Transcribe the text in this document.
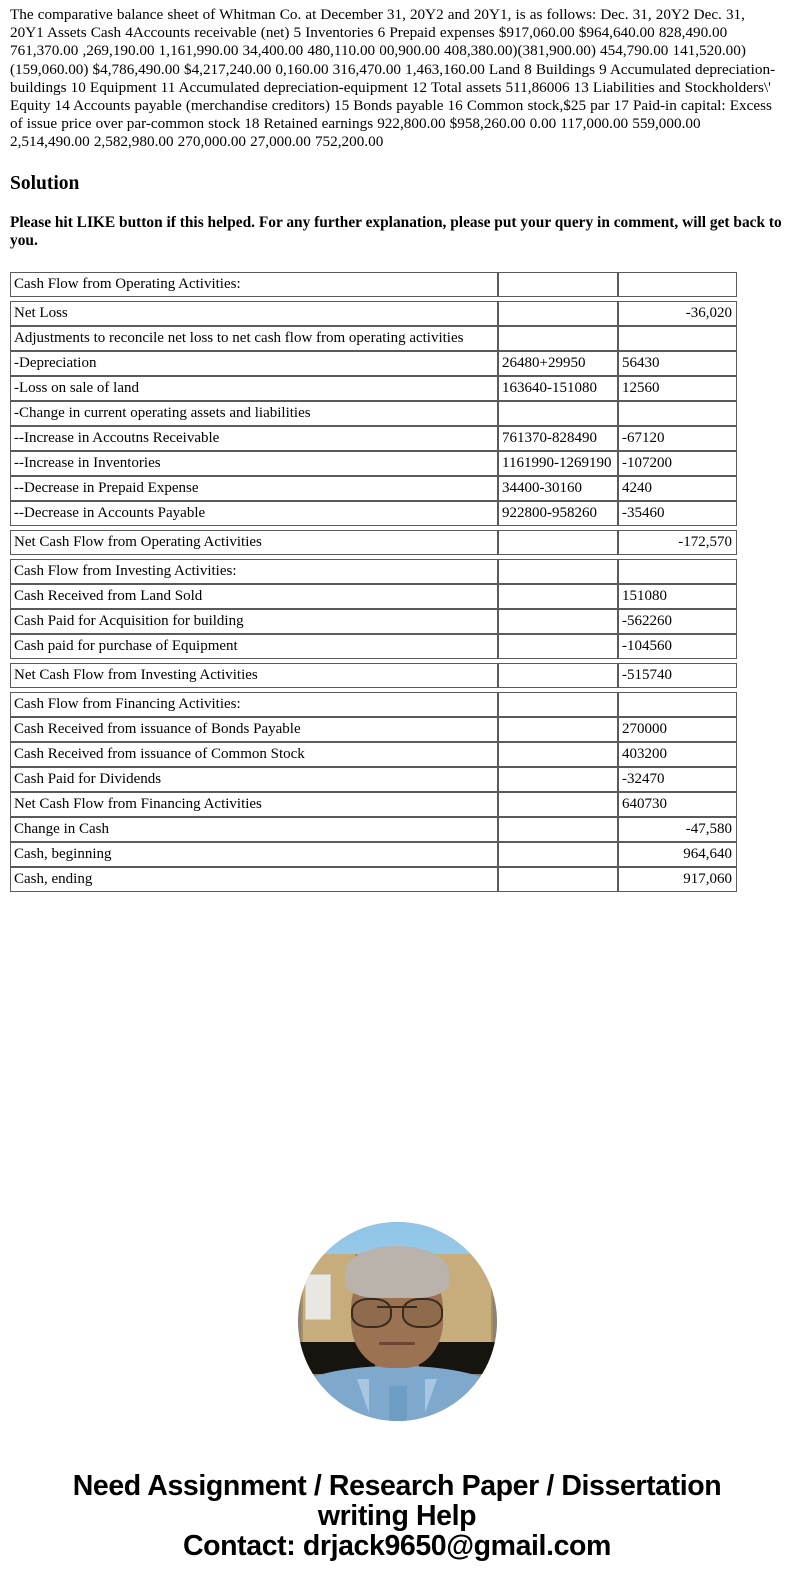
The comparative balance sheet of Whitman Co. at December 31, 20Y2 and 20Y1, is as follows: Dec. 31, 20Y2 Dec. 31, 20Y1 Assets Cash 4Accounts receivable (net) 5 Inventories 6 Prepaid expenses $917,060.00 $964,640.00 828,490.00 761,370.00 ,269,190.00 1,161,990.00 34,400.00 480,110.00 00,900.00 408,380.00)(381,900.00) 454,790.00 141,520.00) (159,060.00) $4,786,490.00 $4,217,240.00 0,160.00 316,470.00 1,463,160.00 Land 8 Buildings 9 Accumulated depreciation-buildings 10 Equipment 11 Accumulated depreciation-equipment 12 Total assets 511,86006 13 Liabilities and Stockholders\' Equity 14 Accounts payable (merchandise creditors) 15 Bonds payable 16 Common stock,$25 par 17 Paid-in capital: Excess of issue price over par-common stock 18 Retained earnings 922,800.00 $958,260.00 0.00 117,000.00 559,000.00 2,514,490.00 2,582,980.00 270,000.00 27,000.00 752,200.00

Solution

Please hit LIKE button if this helped. For any further explanation, please put your query in comment, will get back to you.

Cash Flow from Operating Activities:		

Net Loss		-36,020
Adjustments to reconcile net loss to net cash flow from operating activities		
-Depreciation	26480+29950	56430
-Loss on sale of land	163640-151080	12560
-Change in current operating assets and liabilities		
--Increase in Accoutns Receivable	761370-828490	-67120
--Increase in Inventories	1161990-1269190	-107200
--Decrease in Prepaid Expense	34400-30160	4240
--Decrease in Accounts Payable	922800-958260	-35460

Net Cash Flow from Operating Activities		-172,570

Cash Flow from Investing Activities:		
Cash Received from Land Sold		151080
Cash Paid for Acquisition for building		-562260
Cash paid for purchase of Equipment		-104560

Net Cash Flow from Investing Activities		-515740

Cash Flow from Financing Activities:		
Cash Received from issuance of Bonds Payable		270000
Cash Received from issuance of Common Stock		403200
Cash Paid for Dividends		-32470
Net Cash Flow from Financing Activities		640730
Change in Cash		-47,580
Cash, beginning		964,640
Cash, ending		917,060
Need Assignment / Research Paper / Dissertation
writing Help
Contact: drjack9650@gmail.com
